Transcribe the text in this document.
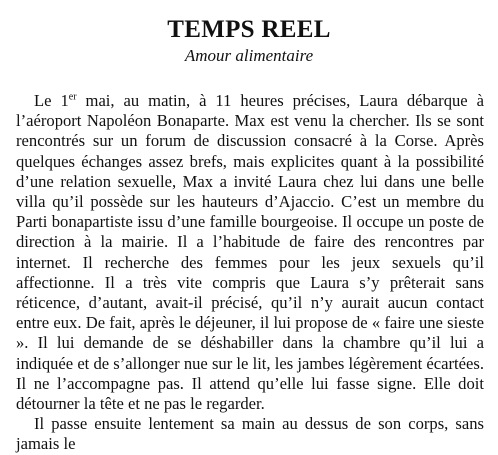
TEMPS REEL
Amour alimentaire

Le 1er mai, au matin, à 11 heures précises, Laura débarque à l’aéroport Napoléon Bonaparte. Max est venu la chercher. Ils se sont rencontrés sur un forum de discussion consacré à la Corse. Après quelques échanges assez brefs, mais explicites quant à la possibilité d’une relation sexuelle, Max a invité Laura chez lui dans une belle villa qu’il possède sur les hauteurs d’Ajaccio. C’est un membre du Parti bonapartiste issu d’une famille bourgeoise. Il occupe un poste de direction à la mairie. Il a l’habitude de faire des rencontres par internet. Il recherche des femmes pour les jeux sexuels qu’il affectionne. Il a très vite compris que Laura s’y prêterait sans réticence, d’autant, avait-il précisé, qu’il n’y aurait aucun contact entre eux. De fait, après le déjeuner, il lui propose de « faire une sieste ». Il lui demande de se déshabiller dans la chambre qu’il lui a indiquée et de s’allonger nue sur le lit, les jambes légèrement écartées. Il ne l’accompagne pas. Il attend qu’elle lui fasse signe. Elle doit détourner la tête et ne pas le regarder.

Il passe ensuite lentement sa main au dessus de son corps, sans jamais le
